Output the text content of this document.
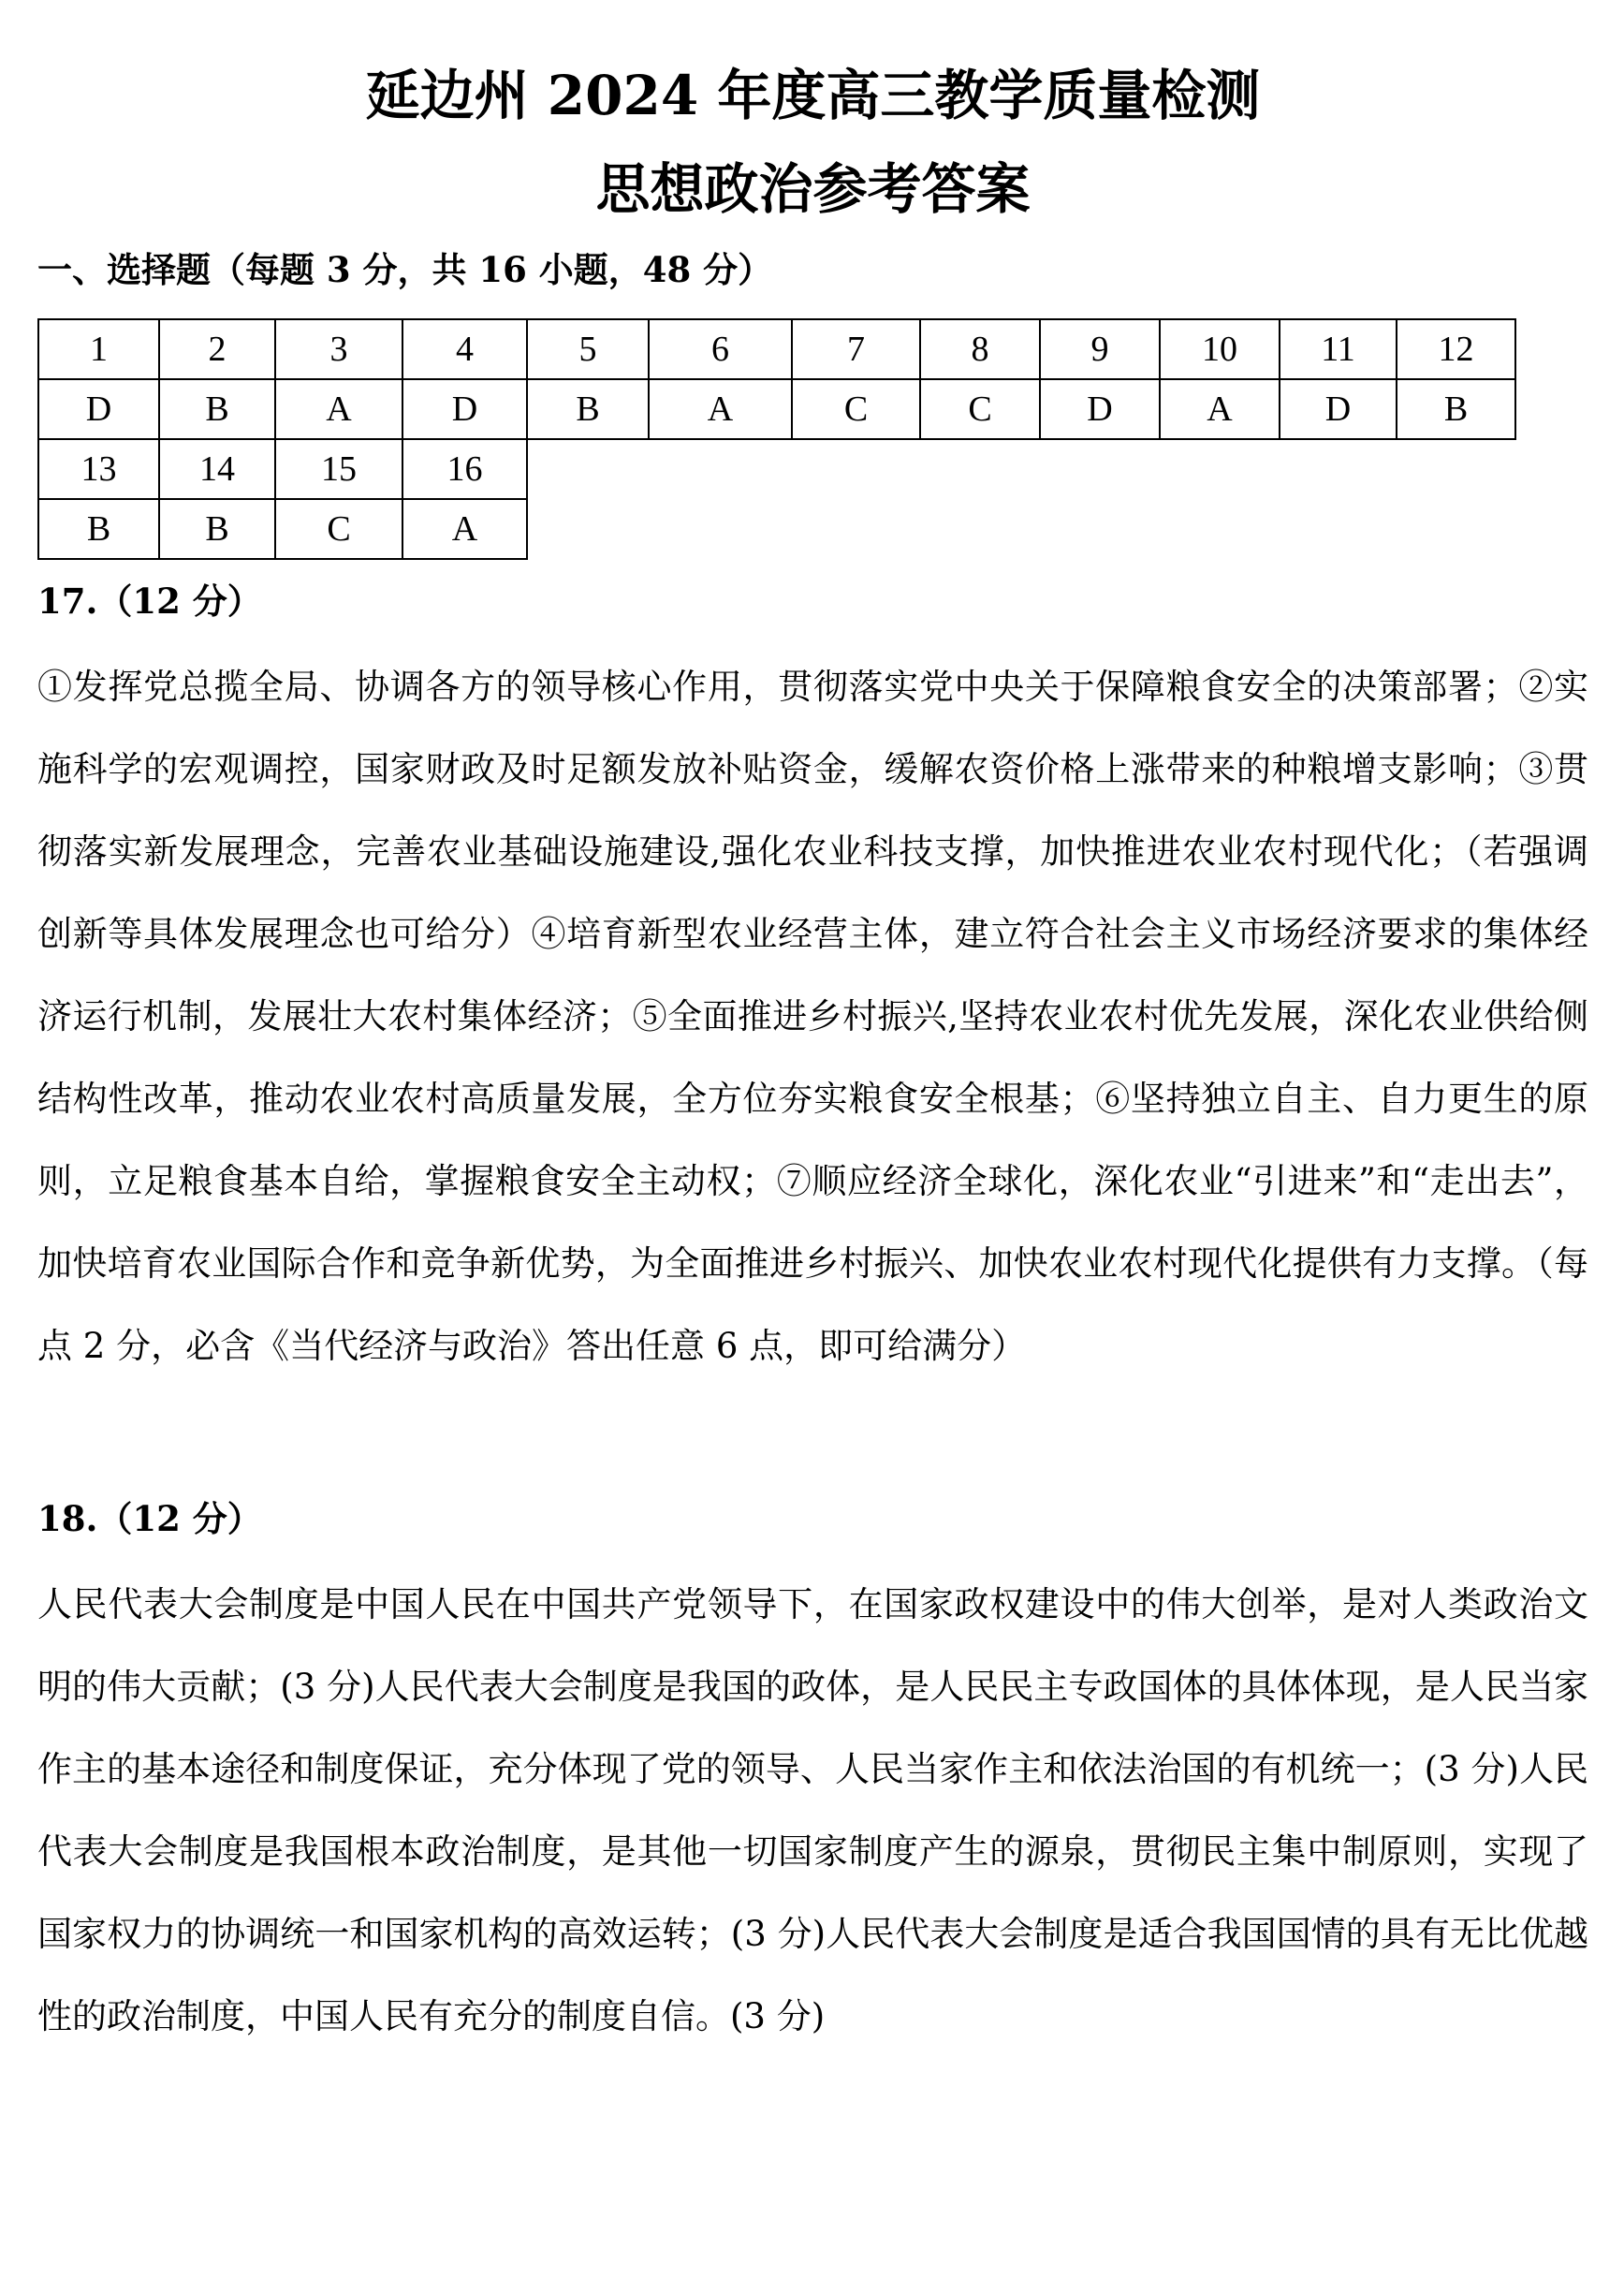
延边州 2024 年度高三教学质量检测
思想政治参考答案
一、选择题（每题 3 分，共 16 小题，48 分）
1	2	3	4	5	6	7	8	9	10	11	12
D	B	A	D	B	A	C	C	D	A	D	B
13	14	15	16								
B	B	C	A								
17.（12 分）

①发挥党总揽全局、协调各方的领导核心作用，贯彻落实党中央关于保障粮食安全的决策部署；②实施科学的宏观调控，国家财政及时足额发放补贴资金，缓解农资价格上涨带来的种粮增支影响；③贯彻落实新发展理念，完善农业基础设施建设,强化农业科技支撑，加快推进农业农村现代化；（若强调创新等具体发展理念也可给分）④培育新型农业经营主体，建立符合社会主义市场经济要求的集体经济运行机制，发展壮大农村集体经济；⑤全面推进乡村振兴,坚持农业农村优先发展，深化农业供给侧结构性改革，推动农业农村高质量发展，全方位夯实粮食安全根基；⑥坚持独立自主、自力更生的原则，立足粮食基本自给，掌握粮食安全主动权；⑦顺应经济全球化，深化农业“引进来”和“走出去”，加快培育农业国际合作和竞争新优势，为全面推进乡村振兴、加快农业农村现代化提供有力支撑。（每点 2 分，必含《当代经济与政治》答出任意 6 点，即可给满分）

18.（12 分）

人民代表大会制度是中国人民在中国共产党领导下，在国家政权建设中的伟大创举，是对人类政治文明的伟大贡献；(3 分)人民代表大会制度是我国的政体，是人民民主专政国体的具体体现，是人民当家作主的基本途径和制度保证，充分体现了党的领导、人民当家作主和依法治国的有机统一；(3 分)人民代表大会制度是我国根本政治制度，是其他一切国家制度产生的源泉，贯彻民主集中制原则，实现了国家权力的协调统一和国家机构的高效运转；(3 分)人民代表大会制度是适合我国国情的具有无比优越性的政治制度，中国人民有充分的制度自信。(3 分)
